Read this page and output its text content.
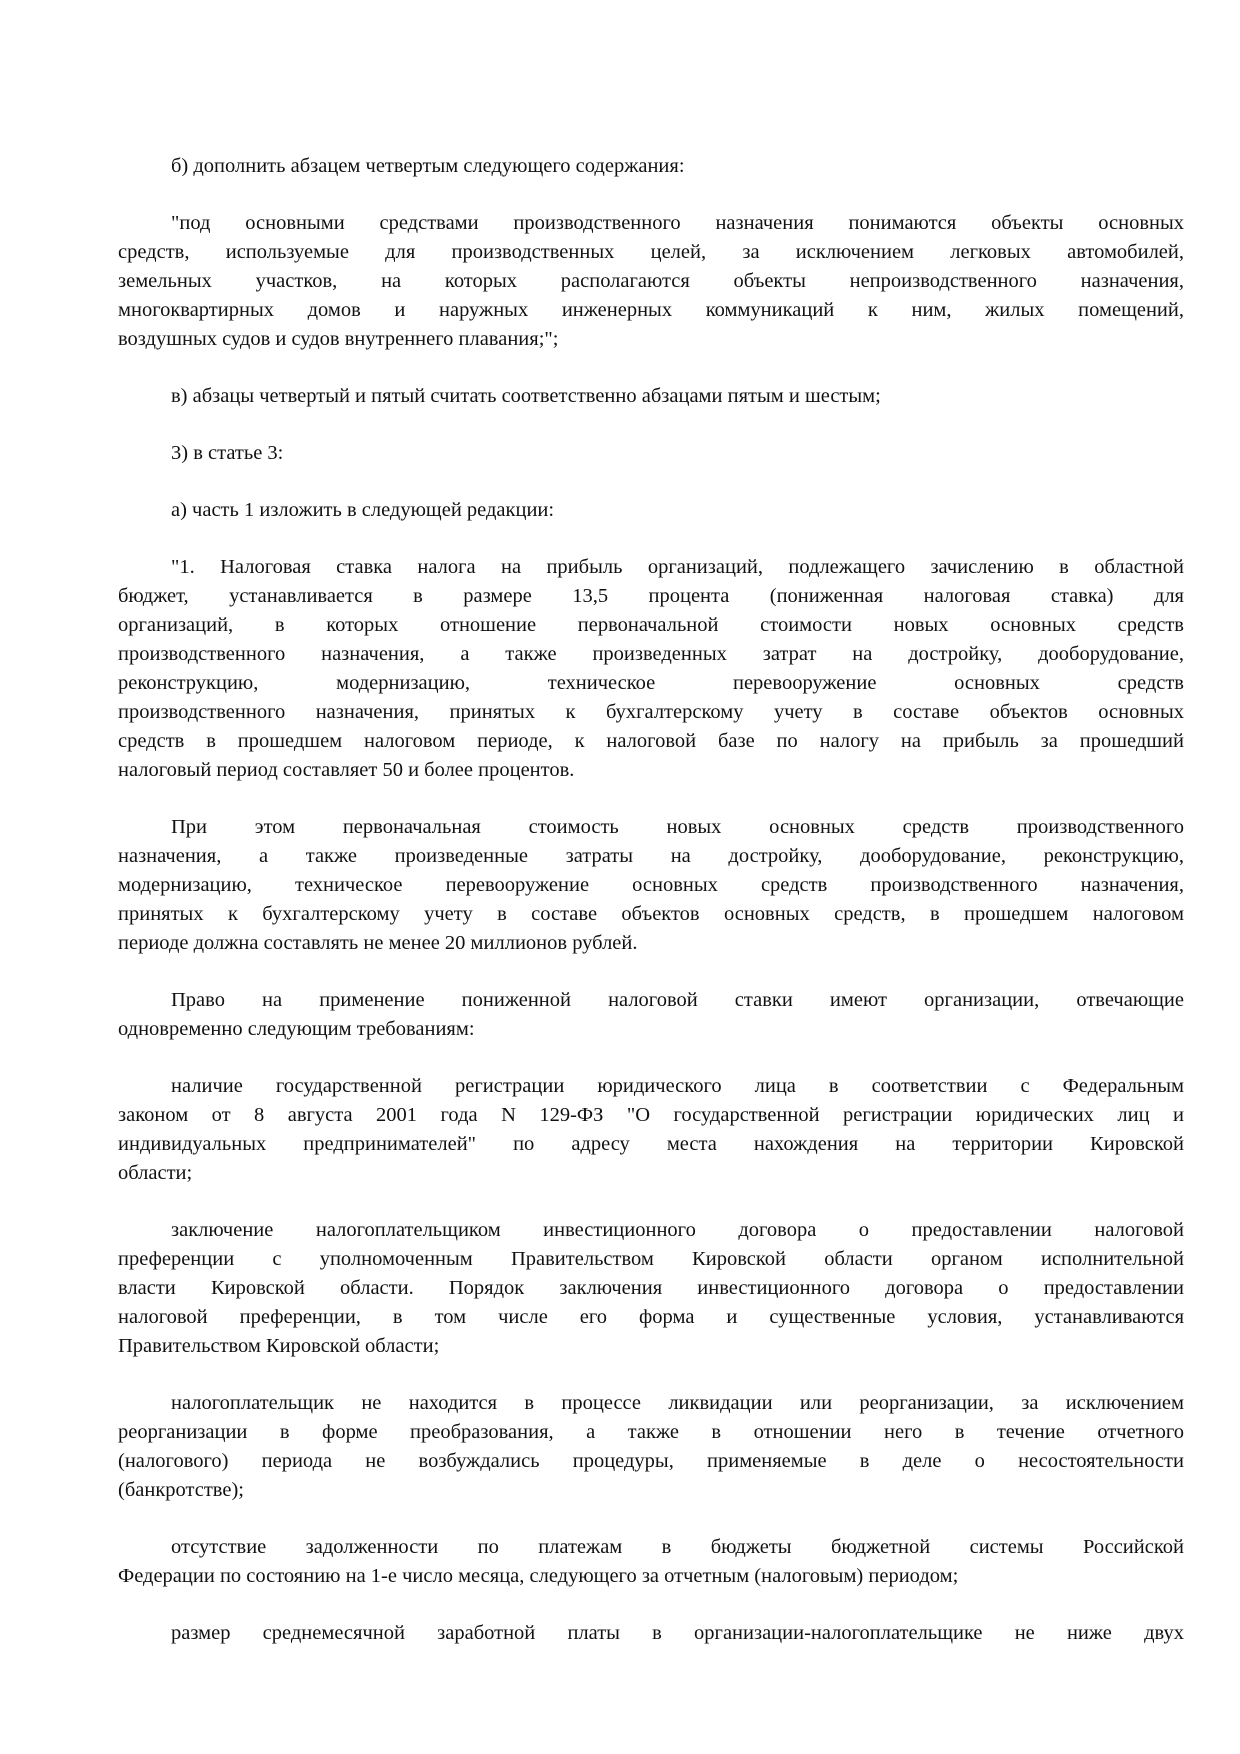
б) дополнить абзацем четвертым следующего содержания:
"под основными средствами производственного назначения понимаются объекты основных
средств, используемые для производственных целей, за исключением легковых автомобилей,
земельных участков, на которых располагаются объекты непроизводственного назначения,
многоквартирных домов и наружных инженерных коммуникаций к ним, жилых помещений,
воздушных судов и судов внутреннего плавания;";
в) абзацы четвертый и пятый считать соответственно абзацами пятым и шестым;
3) в статье 3:
а) часть 1 изложить в следующей редакции:
"1. Налоговая ставка налога на прибыль организаций, подлежащего зачислению в областной
бюджет, устанавливается в размере 13,5 процента (пониженная налоговая ставка) для
организаций, в которых отношение первоначальной стоимости новых основных средств
производственного назначения, а также произведенных затрат на достройку, дооборудование,
реконструкцию, модернизацию, техническое перевооружение основных средств
производственного назначения, принятых к бухгалтерскому учету в составе объектов основных
средств в прошедшем налоговом периоде, к налоговой базе по налогу на прибыль за прошедший
налоговый период составляет 50 и более процентов.
При этом первоначальная стоимость новых основных средств производственного
назначения, а также произведенные затраты на достройку, дооборудование, реконструкцию,
модернизацию, техническое перевооружение основных средств производственного назначения,
принятых к бухгалтерскому учету в составе объектов основных средств, в прошедшем налоговом
периоде должна составлять не менее 20 миллионов рублей.
Право на применение пониженной налоговой ставки имеют организации, отвечающие
одновременно следующим требованиям:
наличие государственной регистрации юридического лица в соответствии с Федеральным
законом от 8 августа 2001 года N 129-ФЗ "О государственной регистрации юридических лиц и
индивидуальных предпринимателей" по адресу места нахождения на территории Кировской
области;
заключение налогоплательщиком инвестиционного договора о предоставлении налоговой
преференции с уполномоченным Правительством Кировской области органом исполнительной
власти Кировской области. Порядок заключения инвестиционного договора о предоставлении
налоговой преференции, в том числе его форма и существенные условия, устанавливаются
Правительством Кировской области;
налогоплательщик не находится в процессе ликвидации или реорганизации, за исключением
реорганизации в форме преобразования, а также в отношении него в течение отчетного
(налогового) периода не возбуждались процедуры, применяемые в деле о несостоятельности
(банкротстве);
отсутствие задолженности по платежам в бюджеты бюджетной системы Российской
Федерации по состоянию на 1-е число месяца, следующего за отчетным (налоговым) периодом;
размер среднемесячной заработной платы в организации-налогоплательщике не ниже двух
